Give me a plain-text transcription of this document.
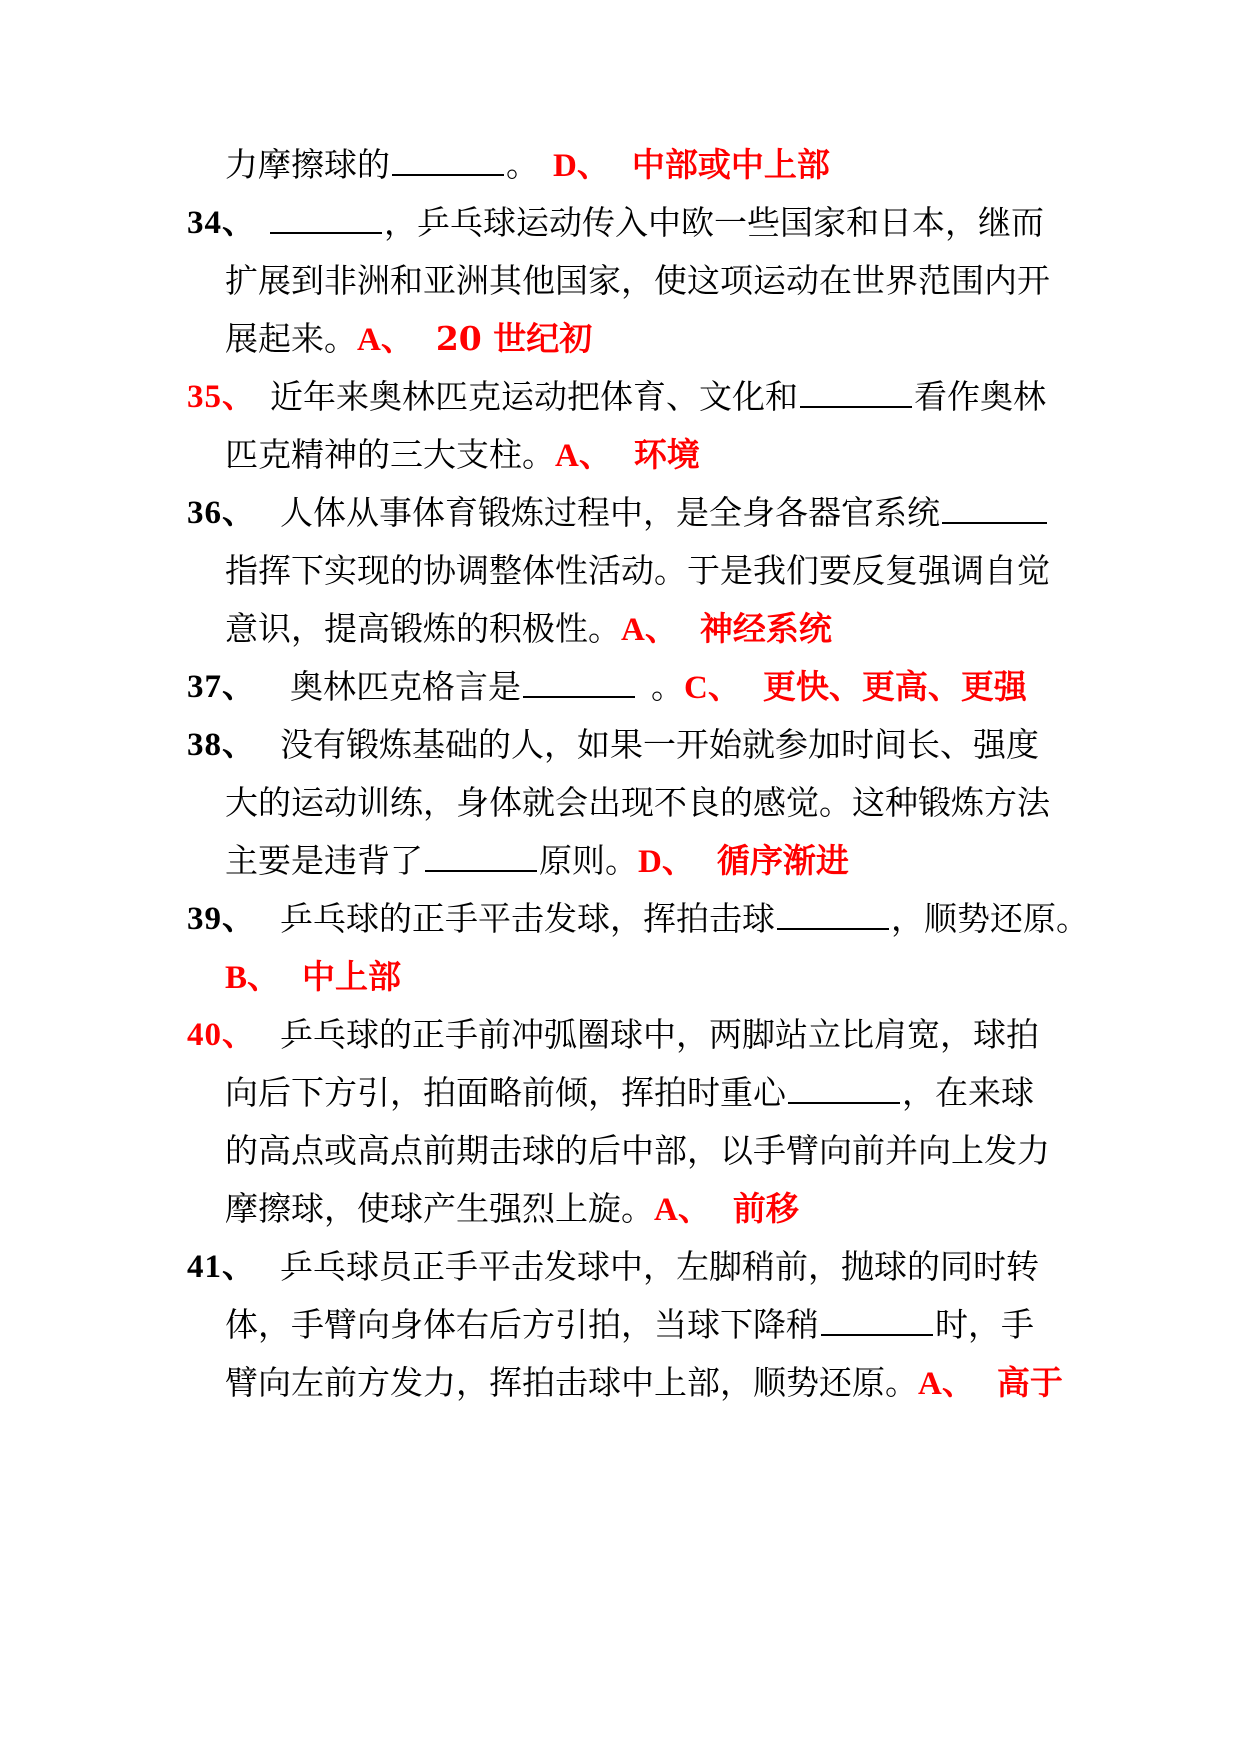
力摩擦球的	。 D、 中部或中上部
34、	，乒乓球运动传入中欧一些国家和日本，继而
扩展到非洲和亚洲其他国家，使这项运动在世界范围内开
展起来。A、 20 世纪初
35、 近年来奥林匹克运动把体育、文化和	看作奥林
匹克精神的三大支柱。A、 环境
36、 人体从事体育锻炼过程中，是全身各器官系统
指挥下实现的协调整体性活动。于是我们要反复强调自觉
意识，提高锻炼的积极性。A、 神经系统
37、 奥林匹克格言是	。C、 更快、更高、更强
38、 没有锻炼基础的人，如果一开始就参加时间长、强度
大的运动训练，身体就会出现不良的感觉。这种锻炼方法
主要是违背了	原则。D、 循序渐进
39、 乒乓球的正手平击发球，挥拍击球	，顺势还原。
B、 中上部
40、 乒乓球的正手前冲弧圈球中，两脚站立比肩宽，球拍
向后下方引，拍面略前倾，挥拍时重心	，在来球
的高点或高点前期击球的后中部，以手臂向前并向上发力
摩擦球，使球产生强烈上旋。A、 前移
41、 乒乓球员正手平击发球中，左脚稍前，抛球的同时转
体，手臂向身体右后方引拍，当球下降稍	时，手
臂向左前方发力，挥拍击球中上部，顺势还原。A、 高于
